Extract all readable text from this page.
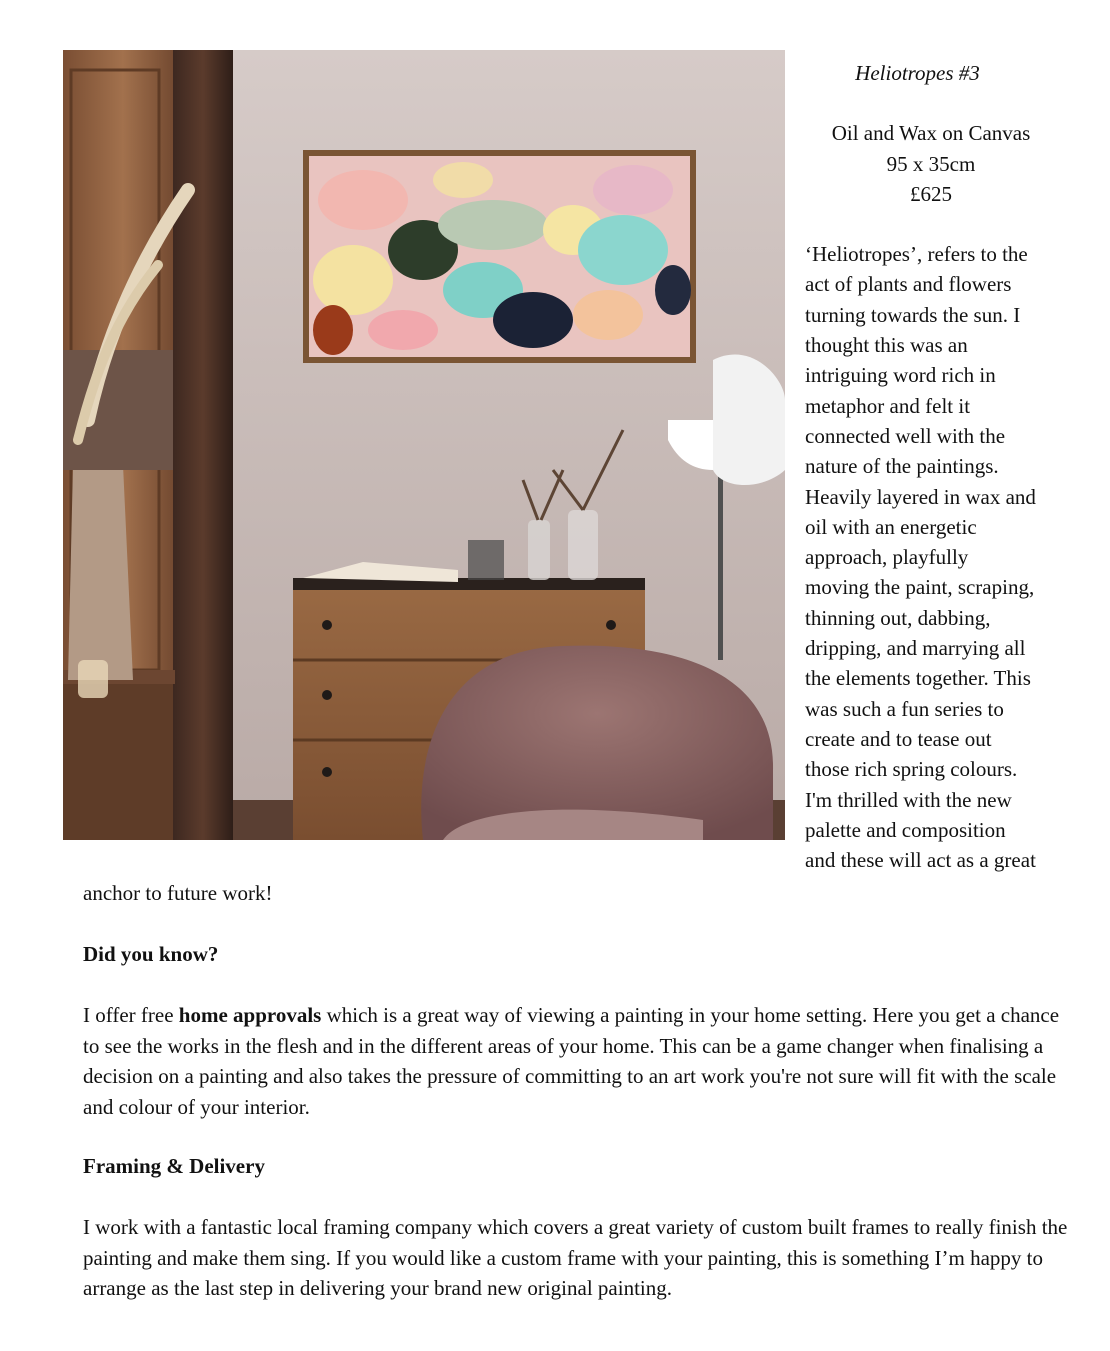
Heliotropes #3

Oil and Wax on Canvas
95 x 35cm
£625
‘Heliotropes’, refers to the
act of plants and flowers
turning towards the sun. I
thought this was an
intriguing word rich in
metaphor and felt it
connected well with the
nature of the paintings.
Heavily layered in wax and
oil with an energetic
approach, playfully
moving the paint, scraping,
thinning out, dabbing,
dripping, and marrying all
the elements together. This
was such a fun series to
create and to tease out
those rich spring colours.
I'm thrilled with the new
palette and composition
and these will act as a great
anchor to future work!
Did you know?
I offer free home approvals which is a great way of viewing a painting in your home setting. Here you get a chance to see the works in the flesh and in the different areas of your home. This can be a game changer when finalising a decision on a painting and also takes the pressure of committing to an art work you're not sure will fit with the scale and colour of your interior.
Framing & Delivery
I work with a fantastic local framing company which covers a great variety of custom built frames to really finish the painting and make them sing. If you would like a custom frame with your painting, this is something I’m happy to arrange as the last step in delivering your brand new original painting.
